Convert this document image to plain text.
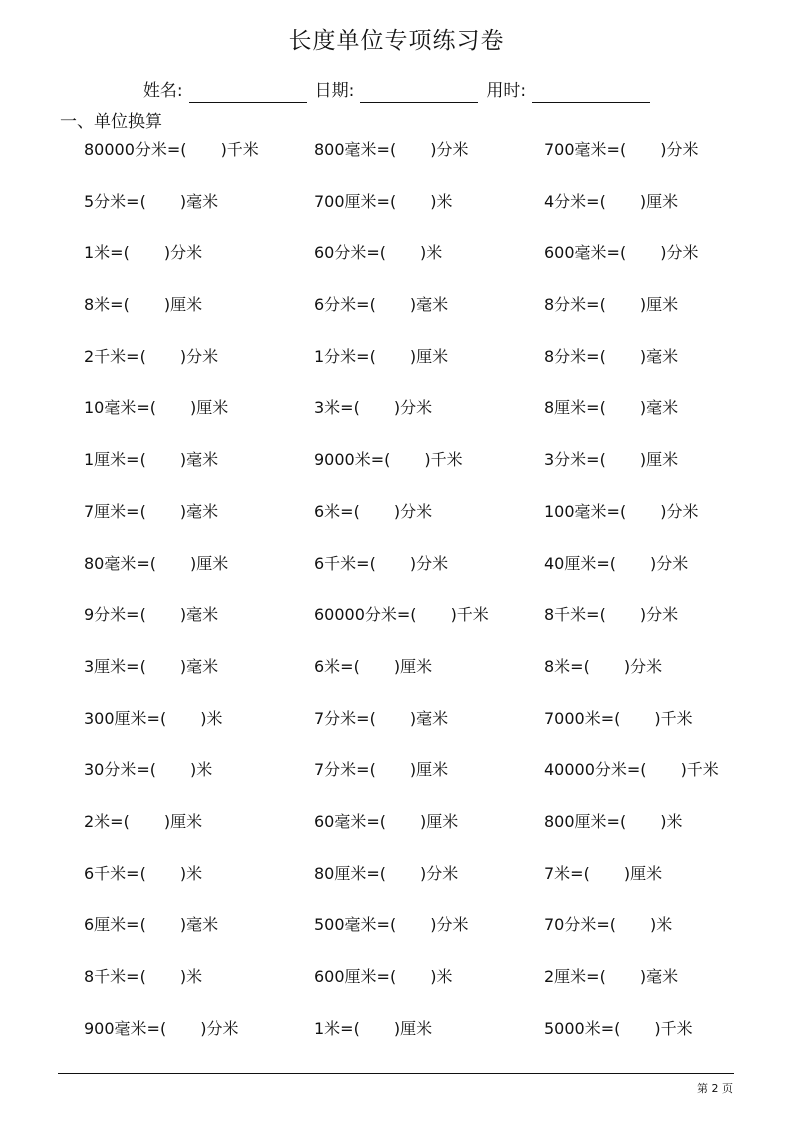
长度单位专项练习卷
姓名:	日期:	用时:
一、单位换算
80000分米=( )千米	800毫米=( )分米	700毫米=( )分米
5分米=( )毫米	700厘米=( )米	4分米=( )厘米
1米=( )分米	60分米=( )米	600毫米=( )分米
8米=( )厘米	6分米=( )毫米	8分米=( )厘米
2千米=( )分米	1分米=( )厘米	8分米=( )毫米
10毫米=( )厘米	3米=( )分米	8厘米=( )毫米
1厘米=( )毫米	9000米=( )千米	3分米=( )厘米
7厘米=( )毫米	6米=( )分米	100毫米=( )分米
80毫米=( )厘米	6千米=( )分米	40厘米=( )分米
9分米=( )毫米	60000分米=( )千米	8千米=( )分米
3厘米=( )毫米	6米=( )厘米	8米=( )分米
300厘米=( )米	7分米=( )毫米	7000米=( )千米
30分米=( )米	7分米=( )厘米	40000分米=( )千米
2米=( )厘米	60毫米=( )厘米	800厘米=( )米
6千米=( )米	80厘米=( )分米	7米=( )厘米
6厘米=( )毫米	500毫米=( )分米	70分米=( )米
8千米=( )米	600厘米=( )米	2厘米=( )毫米
900毫米=( )分米	1米=( )厘米	5000米=( )千米
第 2 页
